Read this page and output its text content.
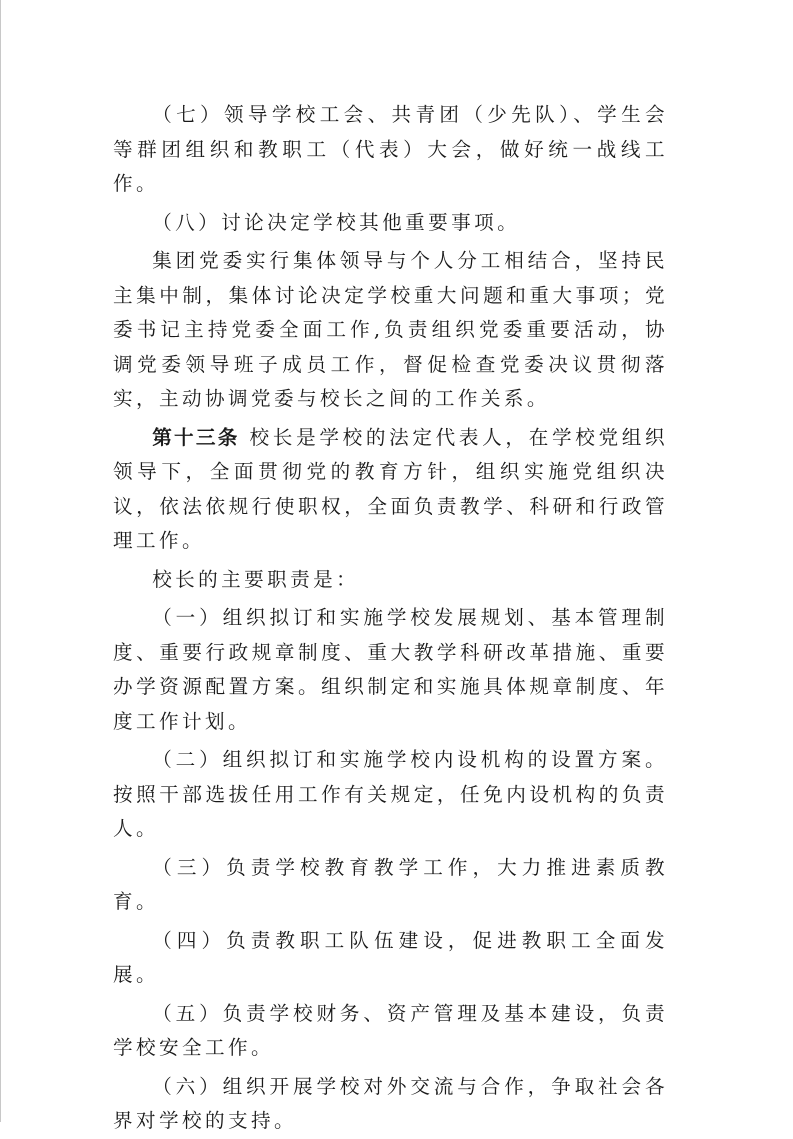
（七）领导学校工会、共青团（少先队）、学生会等群团组织和教职工（代表）大会，做好统一战线工作。

（八）讨论决定学校其他重要事项。

集团党委实行集体领导与个人分工相结合，坚持民主集中制，集体讨论决定学校重大问题和重大事项；党委书记主持党委全面工作,负责组织党委重要活动，协调党委领导班子成员工作，督促检查党委决议贯彻落实，主动协调党委与校长之间的工作关系。

第十三条 校长是学校的法定代表人，在学校党组织领导下，全面贯彻党的教育方针，组织实施党组织决议，依法依规行使职权，全面负责教学、科研和行政管理工作。

校长的主要职责是：

（一）组织拟订和实施学校发展规划、基本管理制度、重要行政规章制度、重大教学科研改革措施、重要办学资源配置方案。组织制定和实施具体规章制度、年度工作计划。

（二）组织拟订和实施学校内设机构的设置方案。按照干部选拔任用工作有关规定，任免内设机构的负责人。

（三）负责学校教育教学工作，大力推进素质教育。

（四）负责教职工队伍建设，促进教职工全面发展。

（五）负责学校财务、资产管理及基本建设，负责学校安全工作。

（六）组织开展学校对外交流与合作，争取社会各界对学校的支持。
